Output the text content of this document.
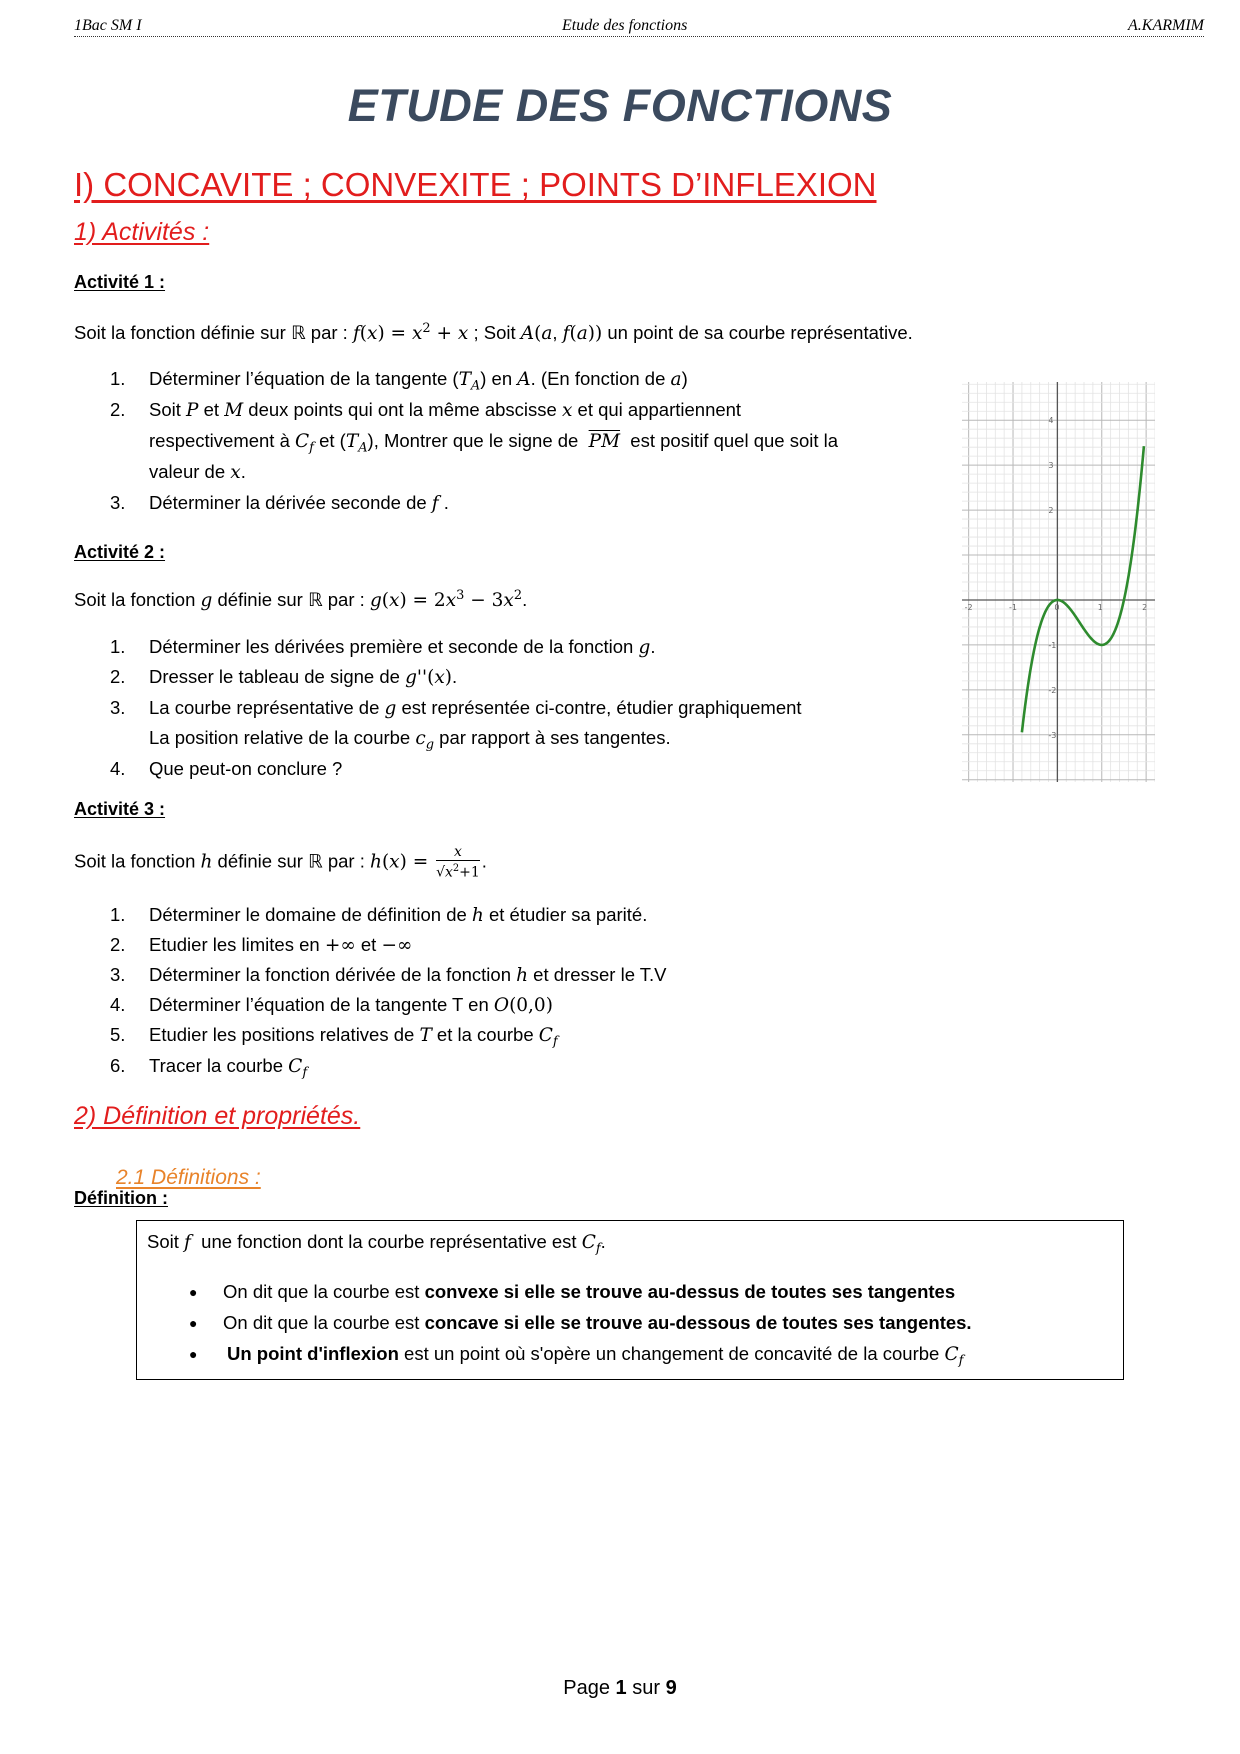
1Bac SM I	Etude des fonctions	A.KARMIM
ETUDE DES FONCTIONS
I) CONCAVITE ; CONVEXITE ; POINTS D’INFLEXION
1) Activités :
Activité 1 :
Soit la fonction définie sur ℝ par : $f(x) = x^2 + x$ ; Soit A(a, f(a)) un point de sa courbe représentative.
1. Déterminer l’équation de la tangente $(T_A)$ en A. (En fonction de a)
2. Soit P et M deux points qui ont la même abscisse x et qui appartiennent
respectivement à $C_f$ et $(T_A)$, Montrer que le signe de  $\overline{PM}$  est positif quel que soit la
valeur de x.
3. Déterminer la dérivée seconde de f .
Activité 2 :
Soit la fonction g définie sur ℝ par : $g(x) = 2x^3 - 3x^2$.
1. Déterminer les dérivées première et seconde de la fonction g.
2. Dresser le tableau de signe de g''(x).
3. La courbe représentative de g est représentée ci-contre, étudier graphiquement
La position relative de la courbe $c_g$ par rapport à ses tangentes.
4. Que peut-on conclure ?
-2	-1	0	1	2
4
3
2
-1
-2
-3
Activité 3 :
Soit la fonction h définie sur ℝ par : $h(x) = \frac{x}{√x^2+1}$ .
1. Déterminer le domaine de définition de h et étudier sa parité.
2. Etudier les limites en +∞ et −∞
3. Déterminer la fonction dérivée de la fonction h et dresser le T.V
4. Déterminer l’équation de la tangente T en O(0,0)
5. Etudier les positions relatives de T et la courbe $C_f$
6. Tracer la courbe $C_f$
2) Définition et propriétés.
2.1 Définitions :
Définition :
Soit f  une fonction dont la courbe représentative est $C_f$.
● On dit que la courbe est convexe si elle se trouve au-dessus de toutes ses tangentes
● On dit que la courbe est concave si elle se trouve au-dessous de toutes ses tangentes.
● Un point d'inflexion est un point où s'opère un changement de concavité de la courbe $C_f$
Page 1 sur 9
